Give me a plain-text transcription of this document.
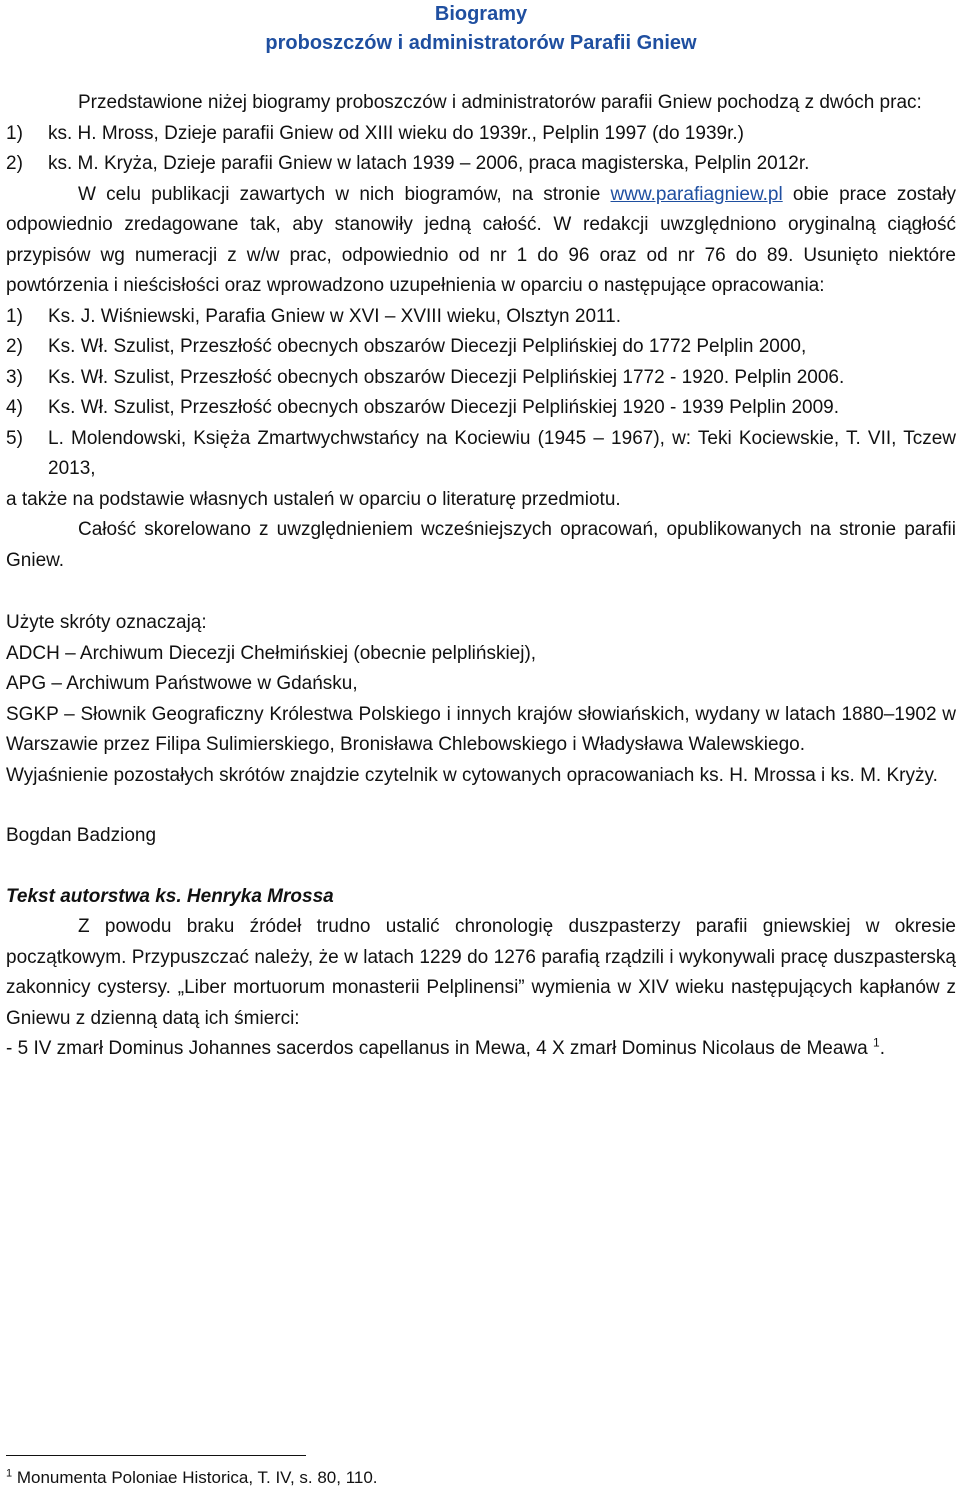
Biogramy
proboszczów i administratorów Parafii Gniew

Przedstawione niżej biogramy proboszczów i administratorów parafii Gniew pochodzą z dwóch prac:

1)	ks. H. Mross, Dzieje parafii Gniew od XIII wieku do 1939r., Pelplin 1997 (do 1939r.)
2)	ks. M. Kryża, Dzieje parafii Gniew w latach 1939 – 2006, praca magisterska, Pelplin 2012r.

W celu publikacji zawartych w nich biogramów, na stronie www.parafiagniew.pl obie prace zostały odpowiednio zredagowane tak, aby stanowiły jedną całość. W redakcji uwzględniono oryginalną ciągłość przypisów wg numeracji z w/w prac, odpowiednio od nr 1 do 96 oraz od nr 76 do 89. Usunięto niektóre powtórzenia i nieścisłości oraz wprowadzono uzupełnienia w oparciu o następujące opracowania:

1)	Ks. J. Wiśniewski, Parafia Gniew w XVI – XVIII wieku, Olsztyn 2011.
2)	Ks. Wł. Szulist, Przeszłość obecnych obszarów Diecezji Pelplińskiej do 1772 Pelplin 2000,
3)	Ks. Wł. Szulist, Przeszłość obecnych obszarów Diecezji Pelplińskiej 1772 - 1920. Pelplin 2006.
4)	Ks. Wł. Szulist, Przeszłość obecnych obszarów Diecezji Pelplińskiej 1920 - 1939 Pelplin 2009.
5)	L. Molendowski, Księża Zmartwychwstańcy na Kociewiu (1945 – 1967), w: Teki Kociewskie, T. VII, Tczew 2013,

a także na podstawie własnych ustaleń w oparciu o literaturę przedmiotu.

Całość skorelowano z uwzględnieniem wcześniejszych opracowań, opublikowanych na stronie parafii Gniew.

Użyte skróty oznaczają:

ADCH – Archiwum Diecezji Chełmińskiej (obecnie pelplińskiej),

APG – Archiwum Państwowe w Gdańsku,

SGKP – Słownik Geograficzny Królestwa Polskiego i innych krajów słowiańskich, wydany w latach 1880–1902 w Warszawie przez Filipa Sulimierskiego, Bronisława Chlebowskiego i Władysława Walewskiego.

Wyjaśnienie pozostałych skrótów znajdzie czytelnik w cytowanych opracowaniach ks. H. Mrossa i ks. M. Kryży.

Bogdan Badziong

Tekst autorstwa ks. Henryka Mrossa

Z powodu braku źródeł trudno ustalić chronologię duszpasterzy parafii gniewskiej w okresie początkowym. Przypuszczać należy, że w latach 1229 do 1276 parafią rządzili i wykonywali pracę duszpasterską zakonnicy cystersy. „Liber mortuorum monasterii Pelplinensi” wymienia w XIV wieku następujących kapłanów z Gniewu z dzienną datą ich śmierci:

- 5 IV zmarł Dominus Johannes sacerdos capellanus in Mewa, 4 X zmarł Dominus Nicolaus de Meawa $^1$.

$^1$ Monumenta Poloniae Historica, T. IV, s. 80, 110.
